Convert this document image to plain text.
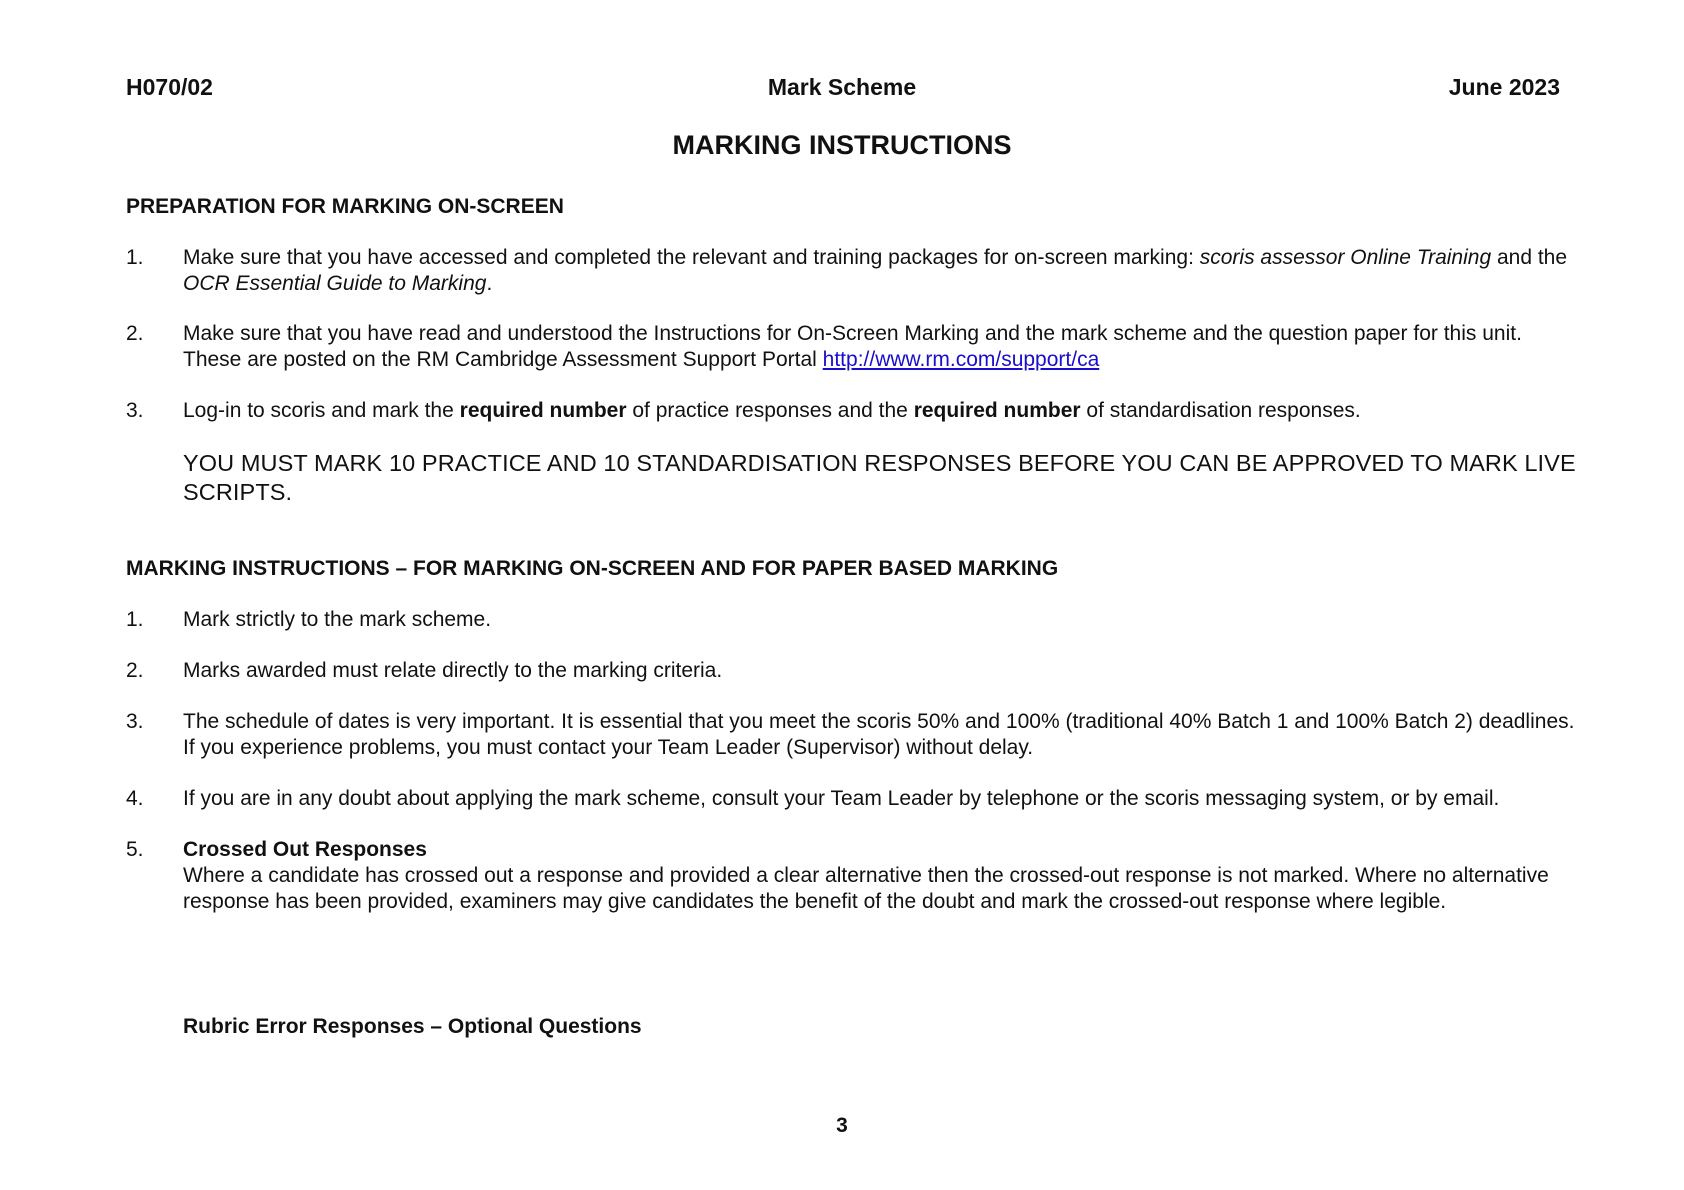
H070/02	Mark Scheme	June 2023
MARKING INSTRUCTIONS
PREPARATION FOR MARKING ON-SCREEN
1. Make sure that you have accessed and completed the relevant and training packages for on-screen marking: scoris assessor Online Training and the OCR Essential Guide to Marking.
2. Make sure that you have read and understood the Instructions for On-Screen Marking and the mark scheme and the question paper for this unit. These are posted on the RM Cambridge Assessment Support Portal http://www.rm.com/support/ca
3. Log-in to scoris and mark the required number of practice responses and the required number of standardisation responses.
YOU MUST MARK 10 PRACTICE AND 10 STANDARDISATION RESPONSES BEFORE YOU CAN BE APPROVED TO MARK LIVE SCRIPTS.
MARKING INSTRUCTIONS – FOR MARKING ON-SCREEN AND FOR PAPER BASED MARKING
1. Mark strictly to the mark scheme.
2. Marks awarded must relate directly to the marking criteria.
3. The schedule of dates is very important. It is essential that you meet the scoris 50% and 100% (traditional 40% Batch 1 and 100% Batch 2) deadlines. If you experience problems, you must contact your Team Leader (Supervisor) without delay.
4. If you are in any doubt about applying the mark scheme, consult your Team Leader by telephone or the scoris messaging system, or by email.
5. Crossed Out Responses
Where a candidate has crossed out a response and provided a clear alternative then the crossed-out response is not marked. Where no alternative response has been provided, examiners may give candidates the benefit of the doubt and mark the crossed-out response where legible.
Rubric Error Responses – Optional Questions
3
